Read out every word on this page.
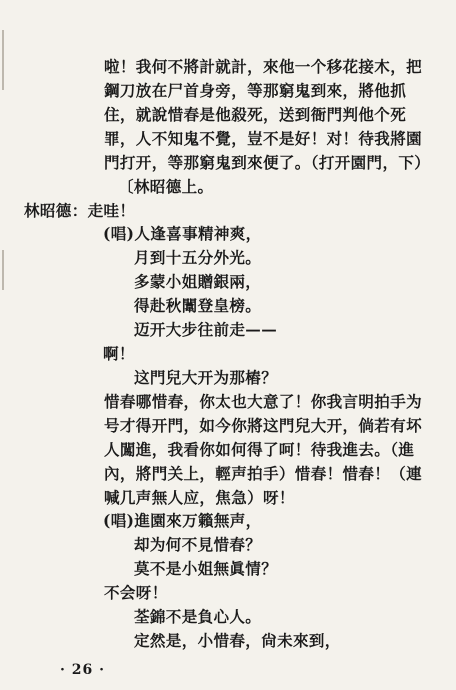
啦！我何不將計就計，來他一个移花接木，把
鋼刀放在尸首身旁，等那窮鬼到來，將他抓
住，就說惜春是他殺死，送到衙門判他个死
罪，人不知鬼不覺，豈不是好！对！待我將園
門打开，等那窮鬼到來便了。（打开園門，下）
〔林昭德上。
林昭德：走哇！
(唱)人逢喜事精神爽，
月到十五分外光。
多蒙小姐贈銀兩，
得赴秋闈登皇榜。
迈开大步往前走——
啊！
这門兒大开为那樁？
惜春哪惜春，你太也大意了！你我言明拍手为
号才得开門，如今你將这門兒大开，倘若有坏
人闖進，我看你如何得了呵！待我進去。（進
內，將門关上，輕声拍手）惜春！惜春！（連
喊几声無人应，焦急）呀！
(唱)進園來万籟無声，
却为何不見惜春？
莫不是小姐無眞情？
不会呀！
荃錦不是負心人。
定然是，小惜春，尙未來到，
· 26 ·
